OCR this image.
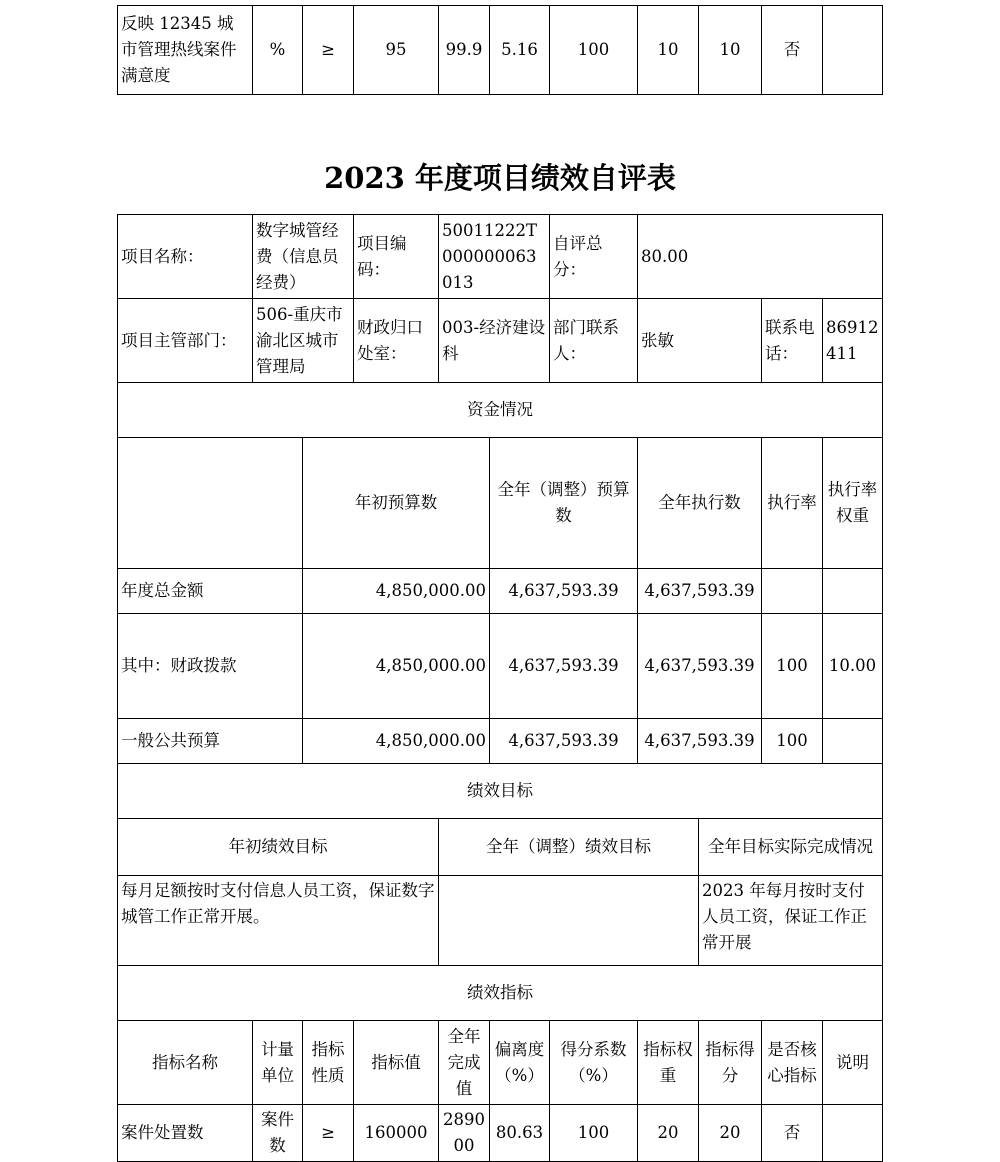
反映 12345 城市管理热线案件满意度	%	≥	95	99.9	5.16	100	10	10	否	
2023 年度项目绩效自评表
项目名称：	数字城管经费（信息员经费）		项目编码：	50011222T000000063013		自评总分：	80.00				
项目主管部门：	506-重庆市渝北区城市管理局		财政归口处室：	003-经济建设科		部门联系人：	张敏		联系电话：	86912411	
资金情况											
		年初预算数			全年（调整）预算数		全年执行数		执行率	执行率权重	
年度总金额		4,850,000.00			4,637,593.39		4,637,593.39				
其中：财政拨款		4,850,000.00			4,637,593.39		4,637,593.39		100	10.00	
一般公共预算		4,850,000.00			4,637,593.39		4,637,593.39		100		
绩效目标											
年初绩效目标				全年（调整）绩效目标				全年目标实际完成情况			
每月足额按时支付信息人员工资，保证数字城管工作正常开展。								2023 年每月按时支付人员工资，保证工作正常开展			
绩效指标											
指标名称	计量单位	指标性质	指标值	全年完成值	偏离度（%）	得分系数（%）	指标权重	指标得分	是否核心指标	说明	
案件处置数	案件数	≥	160000	289000	80.63	100	20	20	否		
